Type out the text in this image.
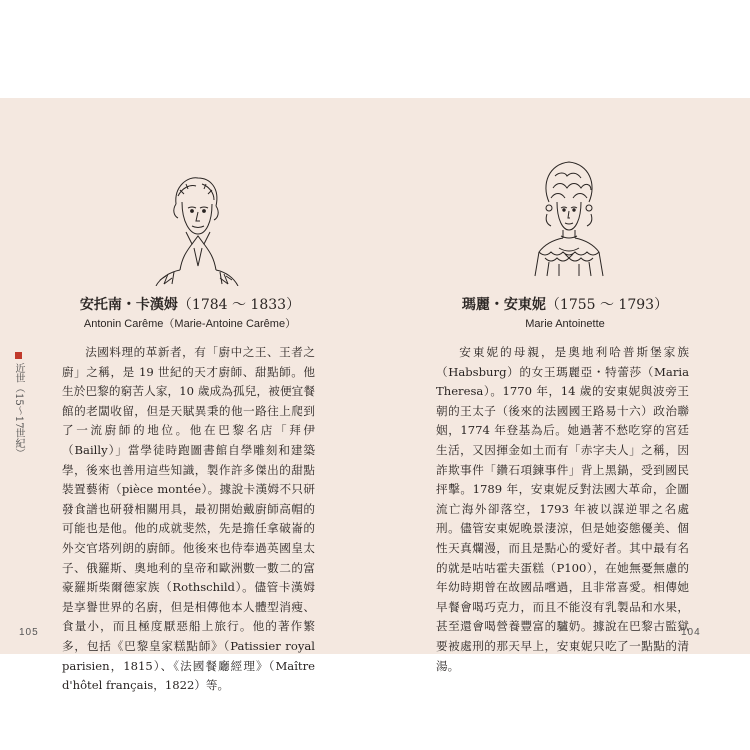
近世（15～17世紀）
安托南・卡漢姆（1784 ～ 1833）
Antonin Carême（Marie-Antoine Carême）
法國料理的革新者，有「廚中之王、王者之廚」之稱，是 19 世紀的天才廚師、甜點師。他生於巴黎的窮苦人家，10 歲成為孤兒，被便宜餐館的老闆收留，但是天賦異秉的他一路往上爬到了一流廚師的地位。他在巴黎名店「拜伊（Bailly）」當學徒時跑圖書館自學雕刻和建築學，後來也善用這些知識，製作許多傑出的甜點裝置藝術（pièce montée）。據說卡漢姆不只研發食譜也研發相關用具，最初開始戴廚師高帽的可能也是他。他的成就斐然，先是擔任拿破崙的外交官塔列朗的廚師。他後來也侍奉過英國皇太子、俄羅斯、奧地利的皇帝和歐洲數一數二的富豪羅斯柴爾德家族（Rothschild）。儘管卡漢姆是享譽世界的名廚，但是相傳他本人體型消瘦、食量小，而且極度厭惡船上旅行。他的著作繁多，包括《巴黎皇家糕點師》（Patissier royal parisien，1815）、《法國餐廳經理》（Maître d'hôtel français，1822）等。
105
瑪麗・安東妮（1755 ～ 1793）
Marie Antoinette
安東妮的母親，是奧地利哈普斯堡家族（Habsburg）的女王瑪麗亞・特蕾莎（Maria Theresa）。1770 年，14 歲的安東妮與波旁王朝的王太子（後來的法國國王路易十六）政治聯姻，1774 年登基為后。她過著不愁吃穿的宮廷生活，又因揮金如土而有「赤字夫人」之稱，因詐欺事件「鑽石項鍊事件」背上黑鍋，受到國民抨擊。1789 年，安東妮反對法國大革命，企圖流亡海外卻落空，1793 年被以謀逆罪之名處刑。儘管安東妮晚景淒涼，但是她姿態優美、個性天真爛漫，而且是點心的愛好者。其中最有名的就是咕咕霍夫蛋糕（P100），在她無憂無慮的年幼時期曾在故國品嚐過，且非常喜愛。相傳她早餐會喝巧克力，而且不能沒有乳製品和水果，甚至還會喝營養豐富的驢奶。據說在巴黎古監獄要被處刑的那天早上，安東妮只吃了一點點的清湯。
104
